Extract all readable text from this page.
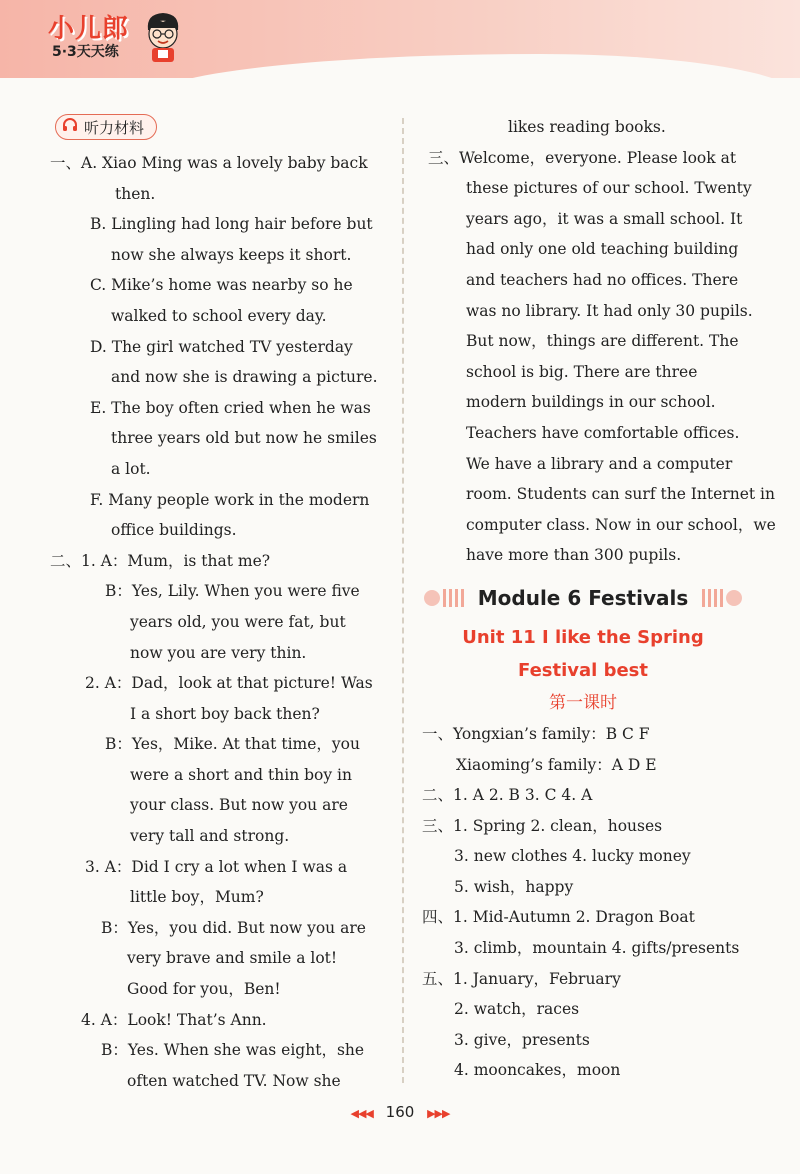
小儿郎
5·3天天练
听力材料
一、A. Xiao Ming was a lovely baby back
then.
B. Lingling had long hair before but
now she always keeps it short.
C. Mike’s home was nearby so he
walked to school every day.
D. The girl watched TV yesterday
and now she is drawing a picture.
E. The boy often cried when he was
three years old but now he smiles
a lot.
F. Many people work in the modern
office buildings.
二、1. A：Mum，is that me?
B：Yes, Lily. When you were five
years old, you were fat, but
now you are very thin.
2. A：Dad，look at that picture! Was
I a short boy back then?
B：Yes，Mike. At that time，you
were a short and thin boy in
your class. But now you are
very tall and strong.
3. A：Did I cry a lot when I was a
little boy，Mum?
B：Yes，you did. But now you are
very brave and smile a lot!
Good for you，Ben!
4. A：Look! That’s Ann.
B：Yes. When she was eight，she
often watched TV. Now she
likes reading books.
三、Welcome，everyone. Please look at
these pictures of our school. Twenty
years ago，it was a small school. It
had only one old teaching building
and teachers had no offices. There
was no library. It had only 30 pupils.
But now，things are different. The
school is big. There are three
modern buildings in our school.
Teachers have comfortable offices.
We have a library and a computer
room. Students can surf the Internet in
computer class. Now in our school，we
have more than 300 pupils.
Module 6 Festivals
Unit 11 I like the Spring
Festival best
第一课时
一、Yongxian’s family：B C F
Xiaoming’s family：A D E
二、1. A 2. B 3. C 4. A
三、1. Spring 2. clean，houses
3. new clothes 4. lucky money
5. wish，happy
四、1. Mid-Autumn 2. Dragon Boat
3. climb，mountain 4. gifts/presents
五、1. January，February
2. watch，races
3. give，presents
4. mooncakes，moon
◀◀◀ 160 ▶▶▶
